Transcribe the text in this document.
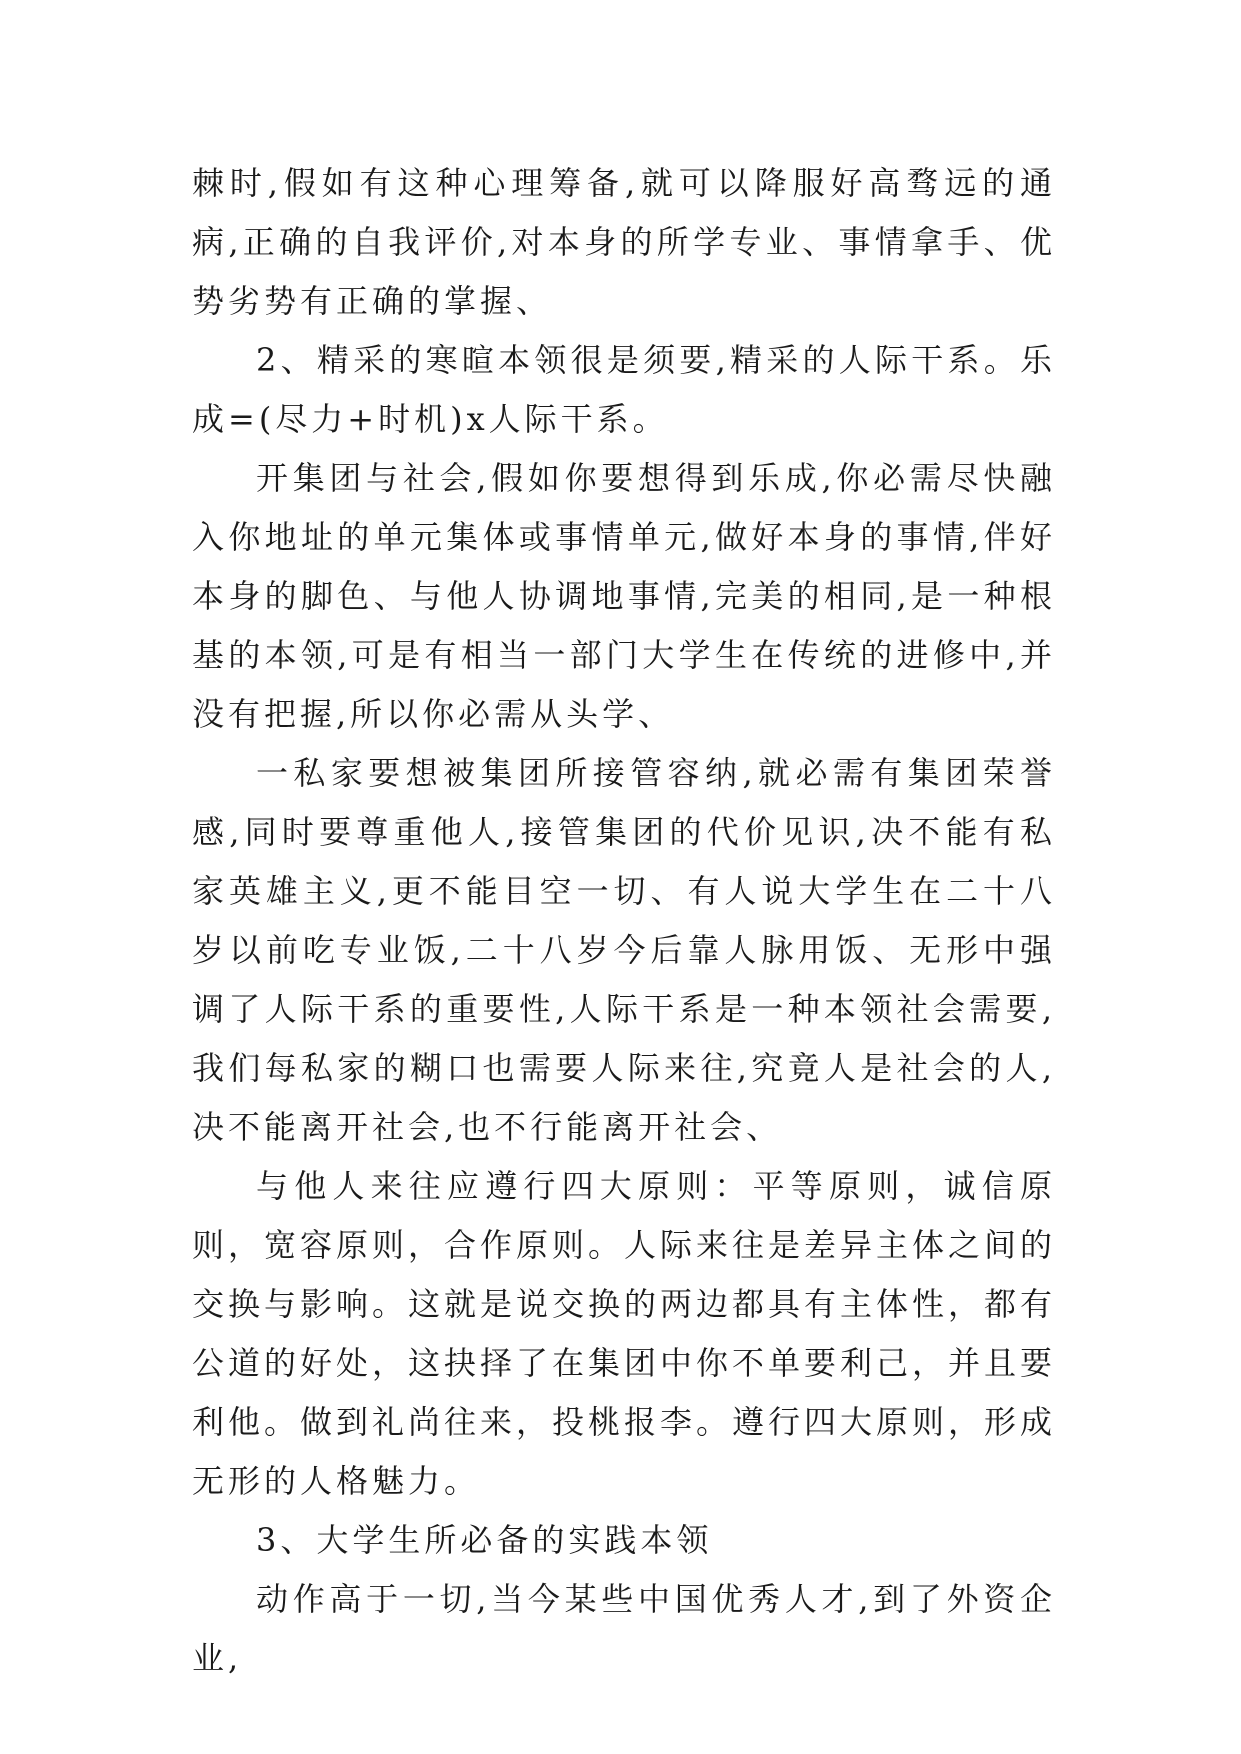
棘时,假如有这种心理筹备,就可以降服好高骛远的通病,正确的自我评价,对本身的所学专业、事情拿手、优势劣势有正确的掌握、

2、精采的寒暄本领很是须要,精采的人际干系。乐成=(尽力+时机)x人际干系。

开集团与社会,假如你要想得到乐成,你必需尽快融入你地址的单元集体或事情单元,做好本身的事情,伴好本身的脚色、与他人协调地事情,完美的相同,是一种根基的本领,可是有相当一部门大学生在传统的进修中,并没有把握,所以你必需从头学、

一私家要想被集团所接管容纳,就必需有集团荣誉感,同时要尊重他人,接管集团的代价见识,决不能有私家英雄主义,更不能目空一切、有人说大学生在二十八岁以前吃专业饭,二十八岁今后靠人脉用饭、无形中强调了人际干系的重要性,人际干系是一种本领社会需要,我们每私家的糊口也需要人际来往,究竟人是社会的人,决不能离开社会,也不行能离开社会、

与他人来往应遵行四大原则：平等原则，诚信原则，宽容原则，合作原则。人际来往是差异主体之间的交换与影响。这就是说交换的两边都具有主体性，都有公道的好处，这抉择了在集团中你不单要利己，并且要利他。做到礼尚往来，投桃报李。遵行四大原则，形成无形的人格魅力。

3、大学生所必备的实践本领

动作高于一切,当今某些中国优秀人才,到了外资企业,
